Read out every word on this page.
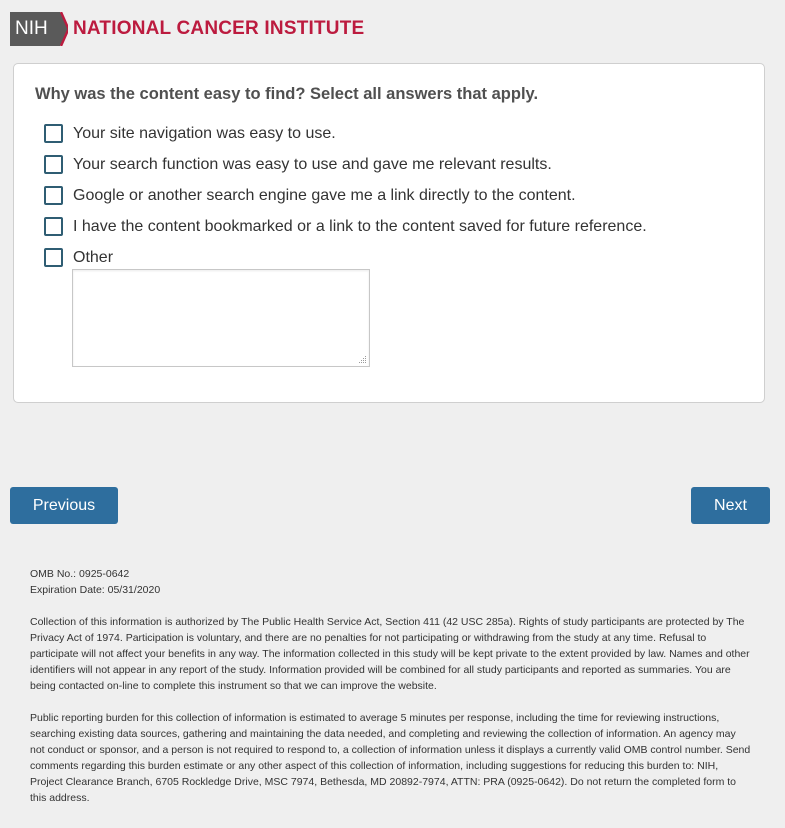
NIH	NATIONAL CANCER INSTITUTE
Why was the content easy to find? Select all answers that apply.
Your site navigation was easy to use.
Your search function was easy to use and gave me relevant results.
Google or another search engine gave me a link directly to the content.
I have the content bookmarked or a link to the content saved for future reference.
Other
Previous	Next

OMB No.: 0925-0642

Expiration Date: 05/31/2020

Collection of this information is authorized by The Public Health Service Act, Section 411 (42 USC 285a). Rights of study participants are protected by The Privacy Act of 1974. Participation is voluntary, and there are no penalties for not participating or withdrawing from the study at any time. Refusal to participate will not affect your benefits in any way. The information collected in this study will be kept private to the extent provided by law. Names and other identifiers will not appear in any report of the study. Information provided will be combined for all study participants and reported as summaries. You are being contacted on-line to complete this instrument so that we can improve the website.

Public reporting burden for this collection of information is estimated to average 5 minutes per response, including the time for reviewing instructions, searching existing data sources, gathering and maintaining the data needed, and completing and reviewing the collection of information. An agency may not conduct or sponsor, and a person is not required to respond to, a collection of information unless it displays a currently valid OMB control number. Send comments regarding this burden estimate or any other aspect of this collection of information, including suggestions for reducing this burden to: NIH, Project Clearance Branch, 6705 Rockledge Drive, MSC 7974, Bethesda, MD 20892-7974, ATTN: PRA (0925-0642). Do not return the completed form to this address.
